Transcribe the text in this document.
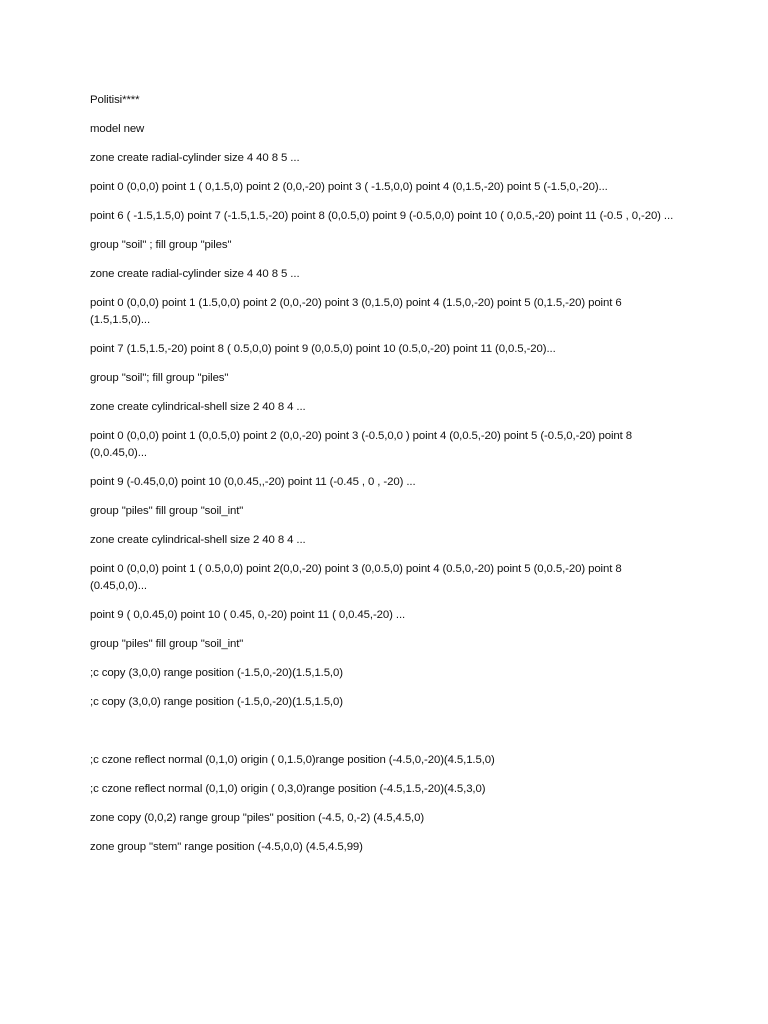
Politisi****

model new

zone create radial-cylinder size 4 40 8 5 ...

point 0 (0,0,0) point 1 ( 0,1.5,0) point 2 (0,0,-20) point 3 ( -1.5,0,0) point 4 (0,1.5,-20) point 5 (-1.5,0,-20)...

point 6 ( -1.5,1.5,0) point 7 (-1.5,1.5,-20) point 8 (0,0.5,0) point 9 (-0.5,0,0) point 10 ( 0,0.5,-20) point 11 (-0.5 , 0,-20) ...

group "soil" ; fill group "piles"

zone create radial-cylinder size 4 40 8 5 ...

point 0 (0,0,0) point 1 (1.5,0,0) point 2 (0,0,-20) point 3 (0,1.5,0) point 4 (1.5,0,-20) point 5 (0,1.5,-20) point 6 (1.5,1.5,0)...

point 7 (1.5,1.5,-20) point 8 ( 0.5,0,0) point 9 (0,0.5,0) point 10 (0.5,0,-20) point 11 (0,0.5,-20)...

group "soil"; fill group "piles"

zone create cylindrical-shell size 2 40 8 4 ...

point 0 (0,0,0) point 1 (0,0.5,0) point 2 (0,0,-20) point 3 (-0.5,0,0 ) point 4 (0,0.5,-20) point 5 (-0.5,0,-20) point 8 (0,0.45,0)...

point 9 (-0.45,0,0) point 10 (0,0.45,,-20) point 11 (-0.45 , 0 , -20) ...

group "piles" fill group "soil_int"

zone create cylindrical-shell size 2 40 8 4 ...

point 0 (0,0,0) point 1 ( 0.5,0,0) point 2(0,0,-20) point 3 (0,0.5,0) point 4 (0.5,0,-20) point 5 (0,0.5,-20) point 8 (0.45,0,0)...

point 9 ( 0,0.45,0) point 10 ( 0.45, 0,-20) point 11 ( 0,0.45,-20) ...

group "piles" fill group "soil_int"

;c copy (3,0,0) range position (-1.5,0,-20)(1.5,1.5,0)

;c copy (3,0,0) range position (-1.5,0,-20)(1.5,1.5,0)

;c czone reflect normal (0,1,0) origin ( 0,1.5,0)range position (-4.5,0,-20)(4.5,1.5,0)

;c czone reflect normal (0,1,0) origin ( 0,3,0)range position (-4.5,1.5,-20)(4.5,3,0)

zone copy (0,0,2) range group "piles" position (-4.5, 0,-2) (4.5,4.5,0)

zone group "stem" range position (-4.5,0,0) (4.5,4.5,99)
